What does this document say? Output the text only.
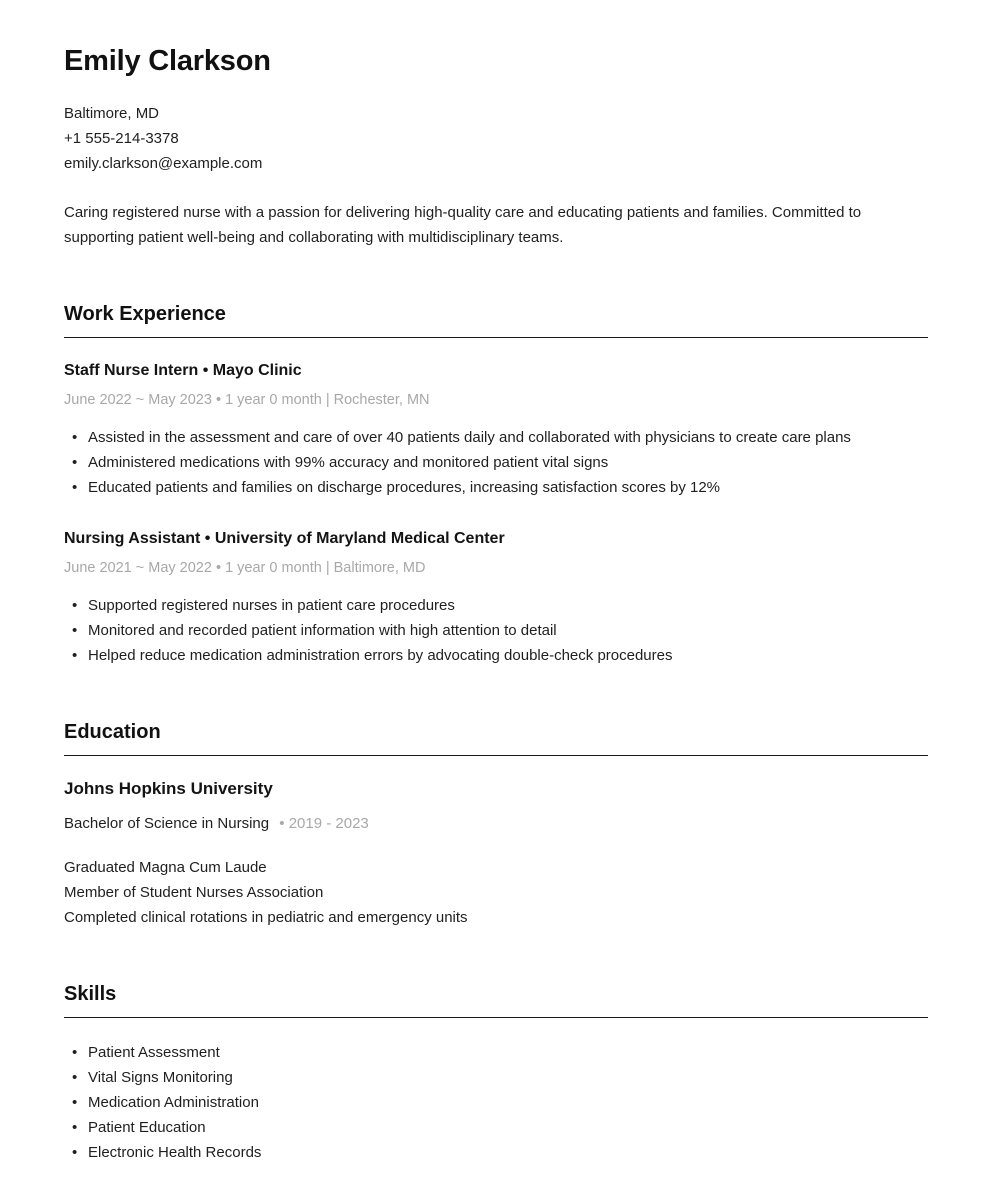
Emily Clarkson
Baltimore, MD
+1 555-214-3378
emily.clarkson@example.com

Caring registered nurse with a passion for delivering high-quality care and educating patients and families. Committed to supporting patient well-being and collaborating with multidisciplinary teams.

Work Experience
Staff Nurse Intern • Mayo Clinic
June 2022 ~ May 2023 • 1 year 0 month | Rochester, MN
• Assisted in the assessment and care of over 40 patients daily and collaborated with physicians to create care plans
• Administered medications with 99% accuracy and monitored patient vital signs
• Educated patients and families on discharge procedures, increasing satisfaction scores by 12%
Nursing Assistant • University of Maryland Medical Center
June 2021 ~ May 2022 • 1 year 0 month | Baltimore, MD
• Supported registered nurses in patient care procedures
• Monitored and recorded patient information with high attention to detail
• Helped reduce medication administration errors by advocating double-check procedures
Education
Johns Hopkins University
Bachelor of Science in Nursing • 2019 - 2023
Graduated Magna Cum Laude
Member of Student Nurses Association
Completed clinical rotations in pediatric and emergency units
Skills
• Patient Assessment
• Vital Signs Monitoring
• Medication Administration
• Patient Education
• Electronic Health Records
